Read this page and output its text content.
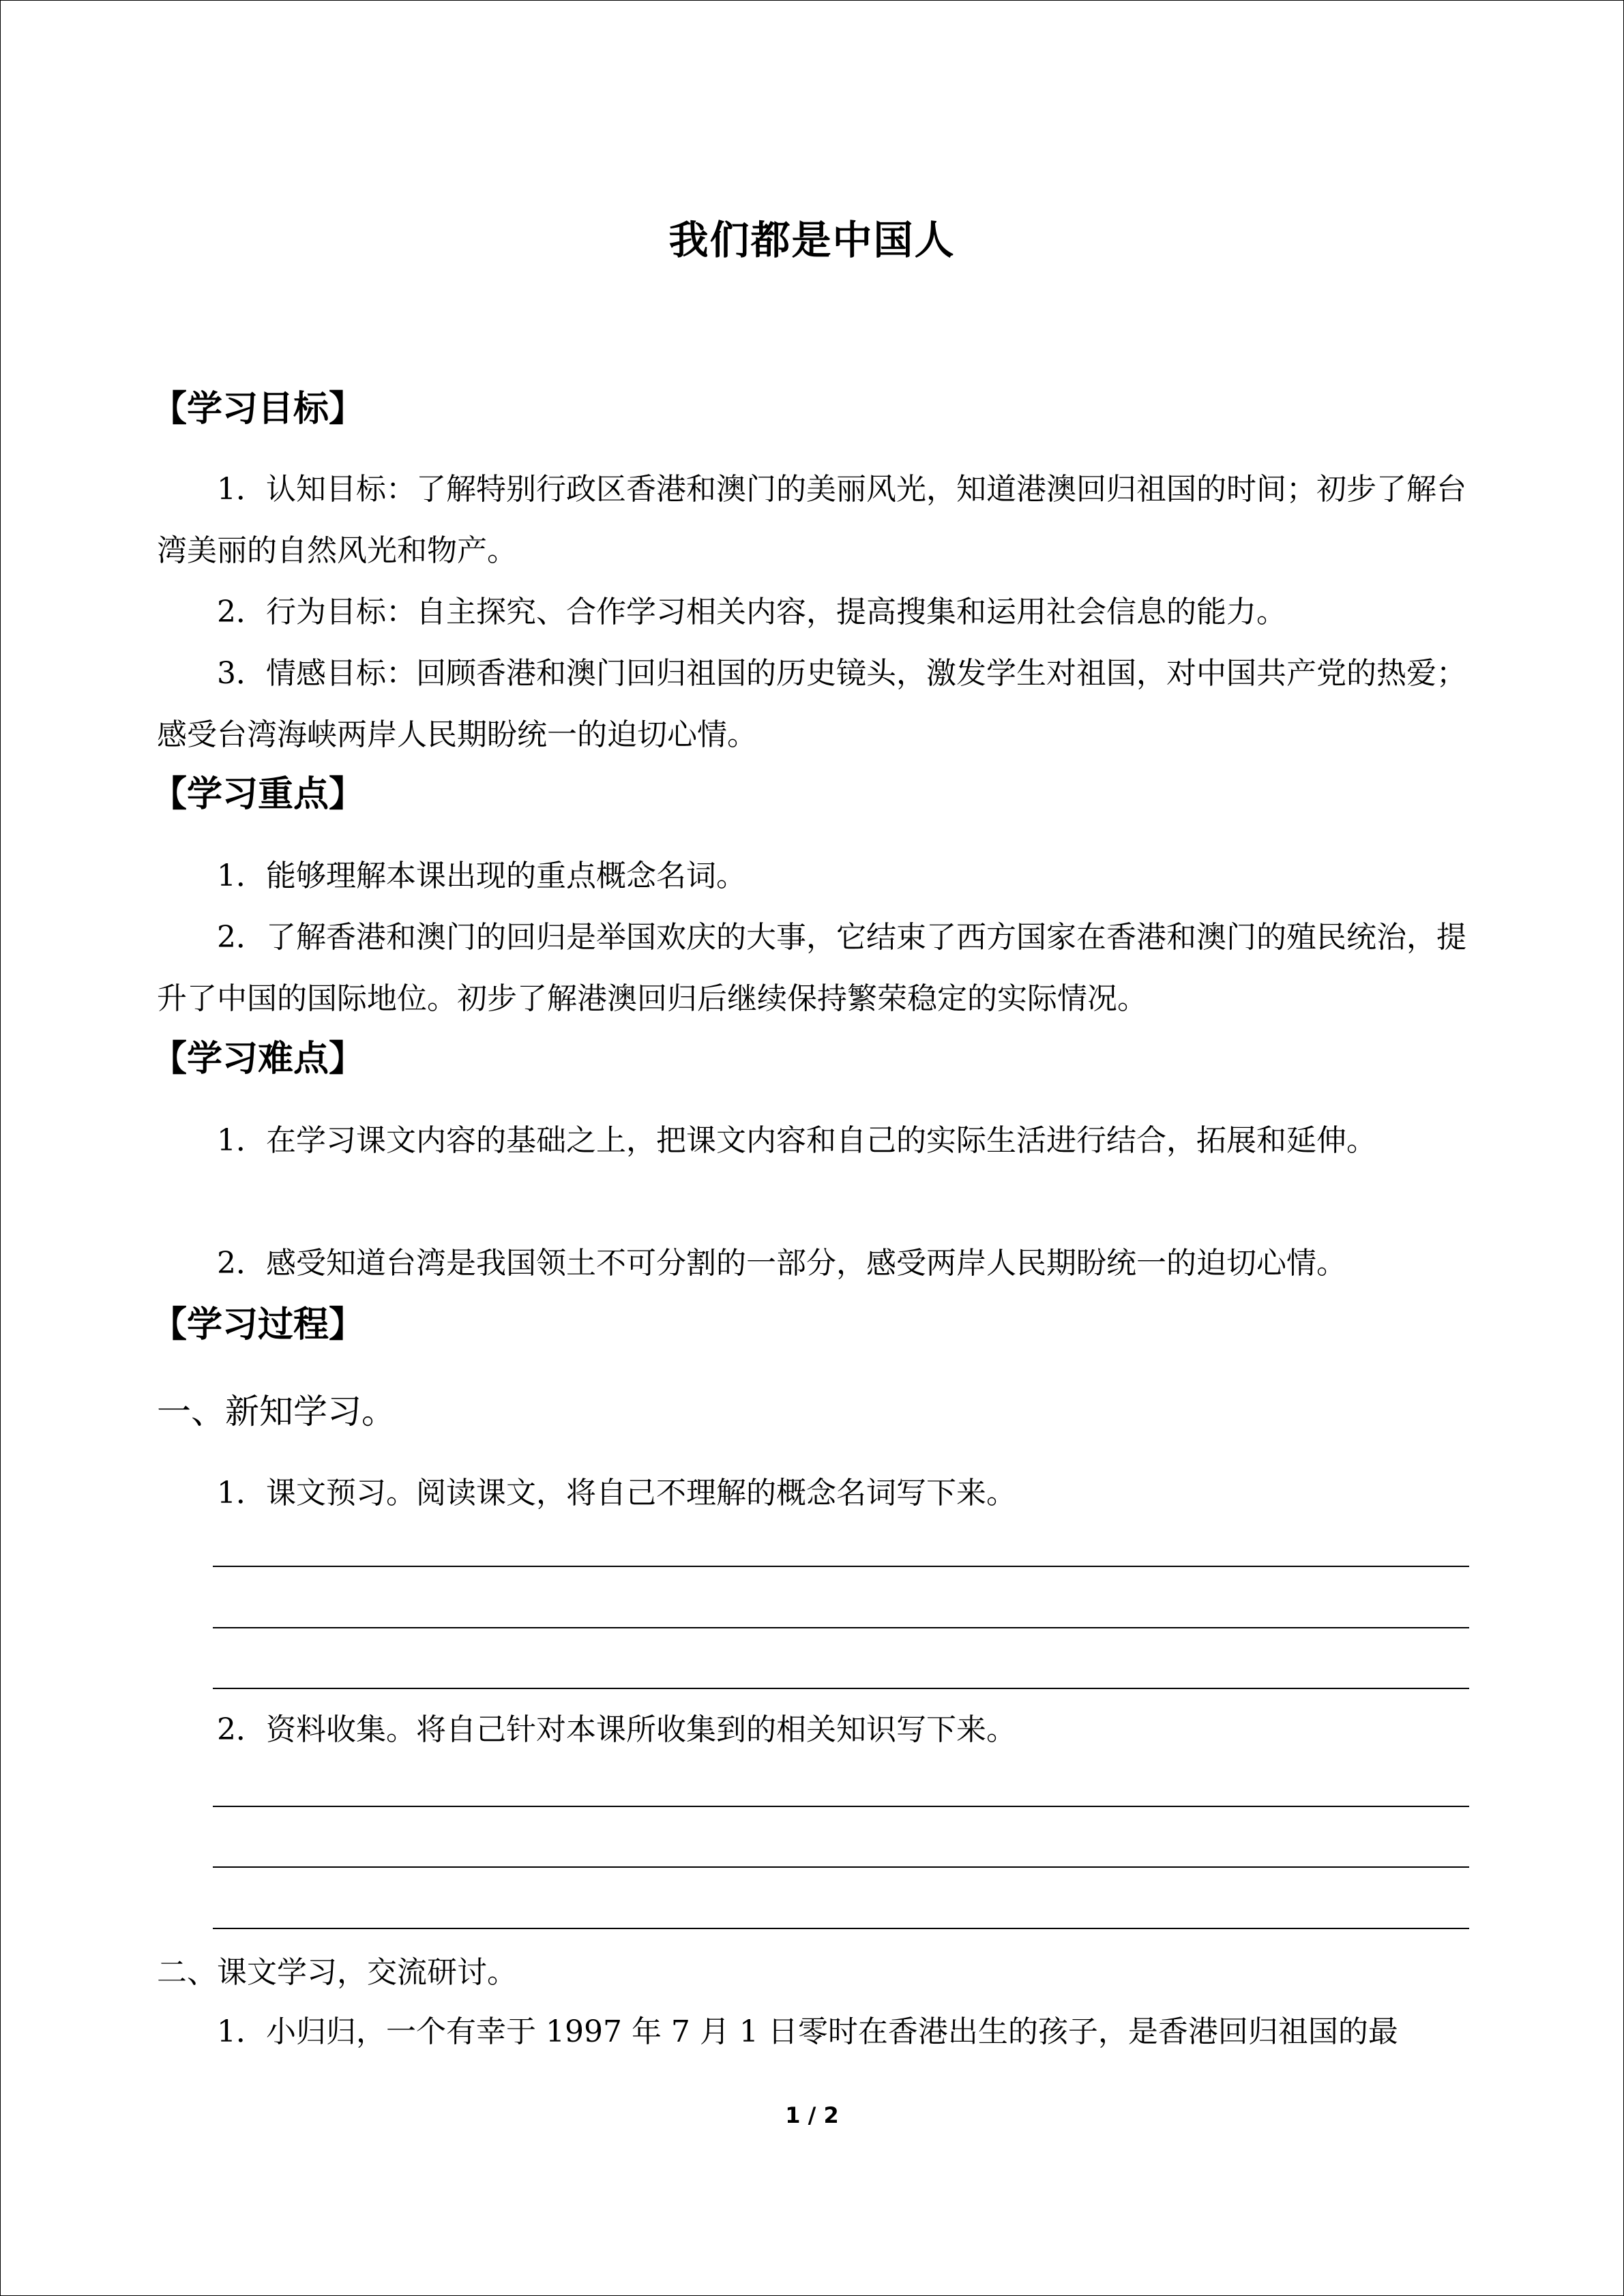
我们都是中国人
【学习目标】

1．认知目标：了解特别行政区香港和澳门的美丽风光，知道港澳回归祖国的时间；初步了解台湾美丽的自然风光和物产。

2．行为目标：自主探究、合作学习相关内容，提高搜集和运用社会信息的能力。

3．情感目标：回顾香港和澳门回归祖国的历史镜头，激发学生对祖国，对中国共产党的热爱；感受台湾海峡两岸人民期盼统一的迫切心情。

【学习重点】

1．能够理解本课出现的重点概念名词。

2．了解香港和澳门的回归是举国欢庆的大事，它结束了西方国家在香港和澳门的殖民统治，提升了中国的国际地位。初步了解港澳回归后继续保持繁荣稳定的实际情况。

【学习难点】

1．在学习课文内容的基础之上，把课文内容和自己的实际生活进行结合，拓展和延伸。

2．感受知道台湾是我国领土不可分割的一部分，感受两岸人民期盼统一的迫切心情。

【学习过程】
一、新知学习。
1．课文预习。阅读课文，将自己不理解的概念名词写下来。
2．资料收集。将自己针对本课所收集到的相关知识写下来。
二、课文学习，交流研讨。
1．小归归，一个有幸于 1997 年 7 月 1 日零时在香港出生的孩子，是香港回归祖国的最
1 / 2
